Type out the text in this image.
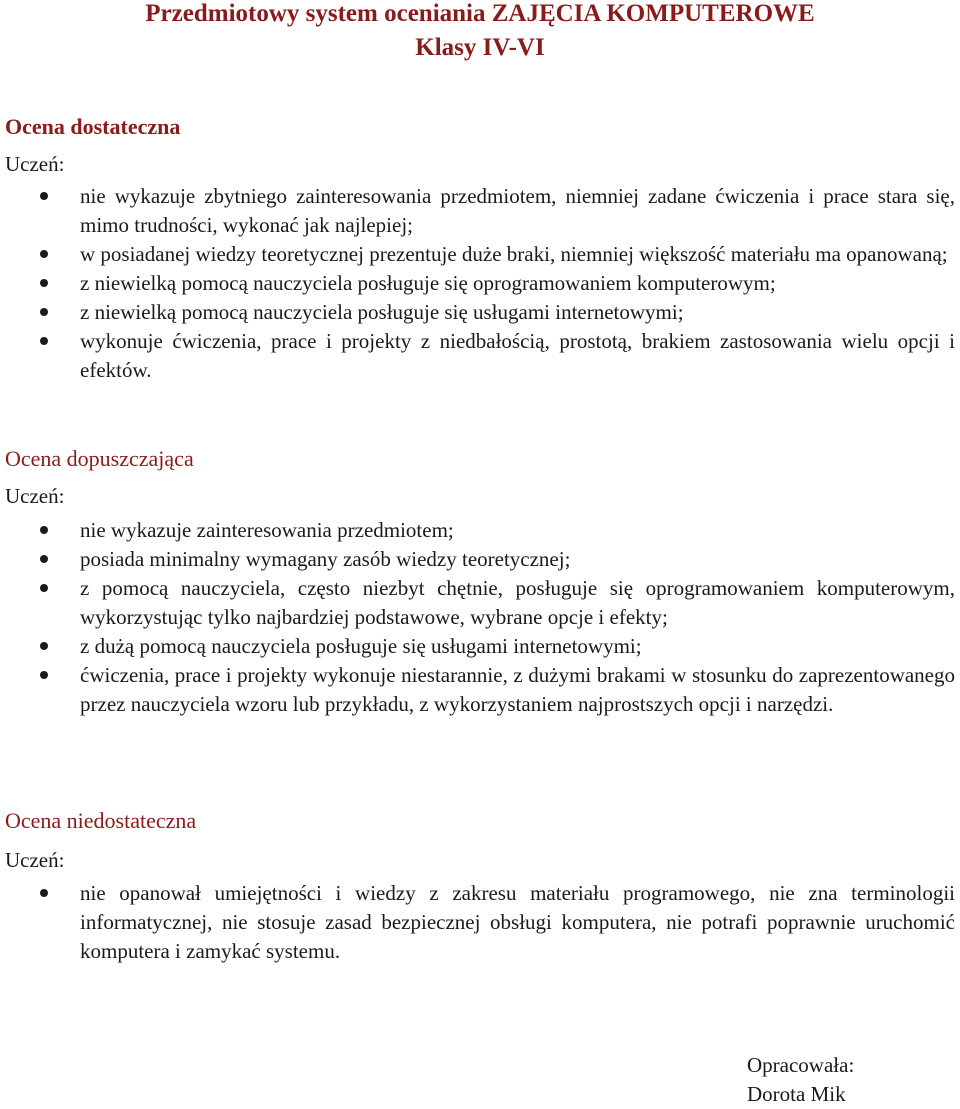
Przedmiotowy system oceniania ZAJĘCIA KOMPUTEROWE
Klasy IV-VI
Ocena dostateczna
Uczeń:
nie wykazuje zbytniego zainteresowania przedmiotem, niemniej zadane ćwiczenia i prace stara się, mimo trudności, wykonać jak najlepiej;
w posiadanej wiedzy teoretycznej prezentuje duże braki, niemniej większość materiału ma opanowaną;
z niewielką pomocą nauczyciela posługuje się oprogramowaniem komputerowym;
z niewielką pomocą nauczyciela posługuje się usługami internetowymi;
wykonuje ćwiczenia, prace i projekty z niedbałością, prostotą, brakiem zastosowania wielu opcji i efektów.
Ocena dopuszczająca
Uczeń:
nie wykazuje zainteresowania przedmiotem;
posiada minimalny wymagany zasób wiedzy teoretycznej;
z pomocą nauczyciela, często niezbyt chętnie, posługuje się oprogramowaniem komputerowym, wykorzystując tylko najbardziej podstawowe, wybrane opcje i efekty;
z dużą pomocą nauczyciela posługuje się usługami internetowymi;
ćwiczenia, prace i projekty wykonuje niestarannie, z dużymi brakami w stosunku do zaprezentowanego przez nauczyciela wzoru lub przykładu, z wykorzystaniem najprostszych opcji i narzędzi.
Ocena niedostateczna
Uczeń:
nie opanował umiejętności i wiedzy z zakresu materiału programowego, nie zna terminologii informatycznej, nie stosuje zasad bezpiecznej obsługi komputera, nie potrafi poprawnie uruchomić komputera i zamykać systemu.
Opracowała:
Dorota Mik
